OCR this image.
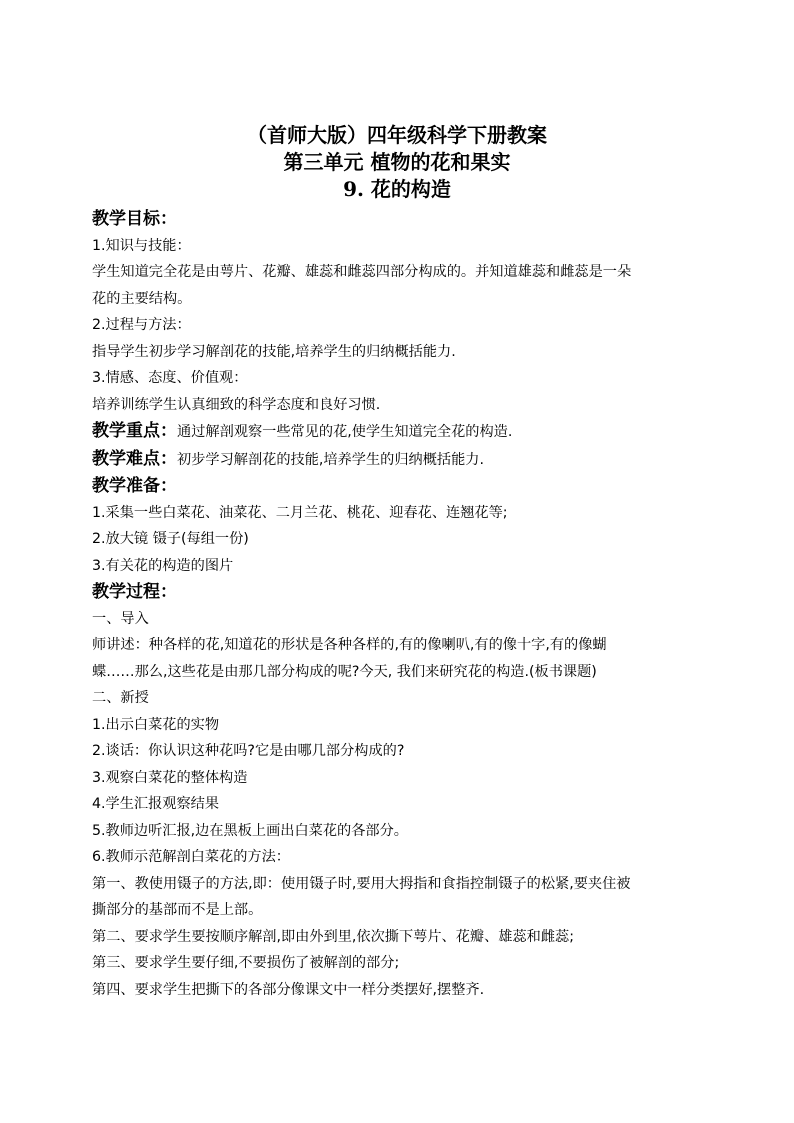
（首师大版）四年级科学下册教案
第三单元 植物的花和果实
9. 花的构造
教学目标：
1.知识与技能：
学生知道完全花是由萼片、花瓣、雄蕊和雌蕊四部分构成的。并知道雄蕊和雌蕊是一朵
花的主要结构。
2.过程与方法：
指导学生初步学习解剖花的技能,培养学生的归纳概括能力.
3.情感、态度、价值观：
培养训练学生认真细致的科学态度和良好习惯.
教学重点：通过解剖观察一些常见的花,使学生知道完全花的构造.
教学难点：初步学习解剖花的技能,培养学生的归纳概括能力.
教学准备：
1.采集一些白菜花、油菜花、二月兰花、桃花、迎春花、连翘花等;
2.放大镜 镊子(每组一份)
3.有关花的构造的图片
教学过程：
一、导入
师讲述：种各样的花,知道花的形状是各种各样的,有的像喇叭,有的像十字,有的像蝴
蝶……那么,这些花是由那几部分构成的呢?今天, 我们来研究花的构造.(板书课题)
二、新授
1.出示白菜花的实物
2.谈话：你认识这种花吗?它是由哪几部分构成的?
3.观察白菜花的整体构造
4.学生汇报观察结果
5.教师边听汇报,边在黑板上画出白菜花的各部分。
6.教师示范解剖白菜花的方法：
第一、教使用镊子的方法,即：使用镊子时,要用大拇指和食指控制镊子的松紧,要夹住被
撕部分的基部而不是上部。
第二、要求学生要按顺序解剖,即由外到里,依次撕下萼片、花瓣、雄蕊和雌蕊;
第三、要求学生要仔细,不要损伤了被解剖的部分;
第四、要求学生把撕下的各部分像课文中一样分类摆好,摆整齐.
